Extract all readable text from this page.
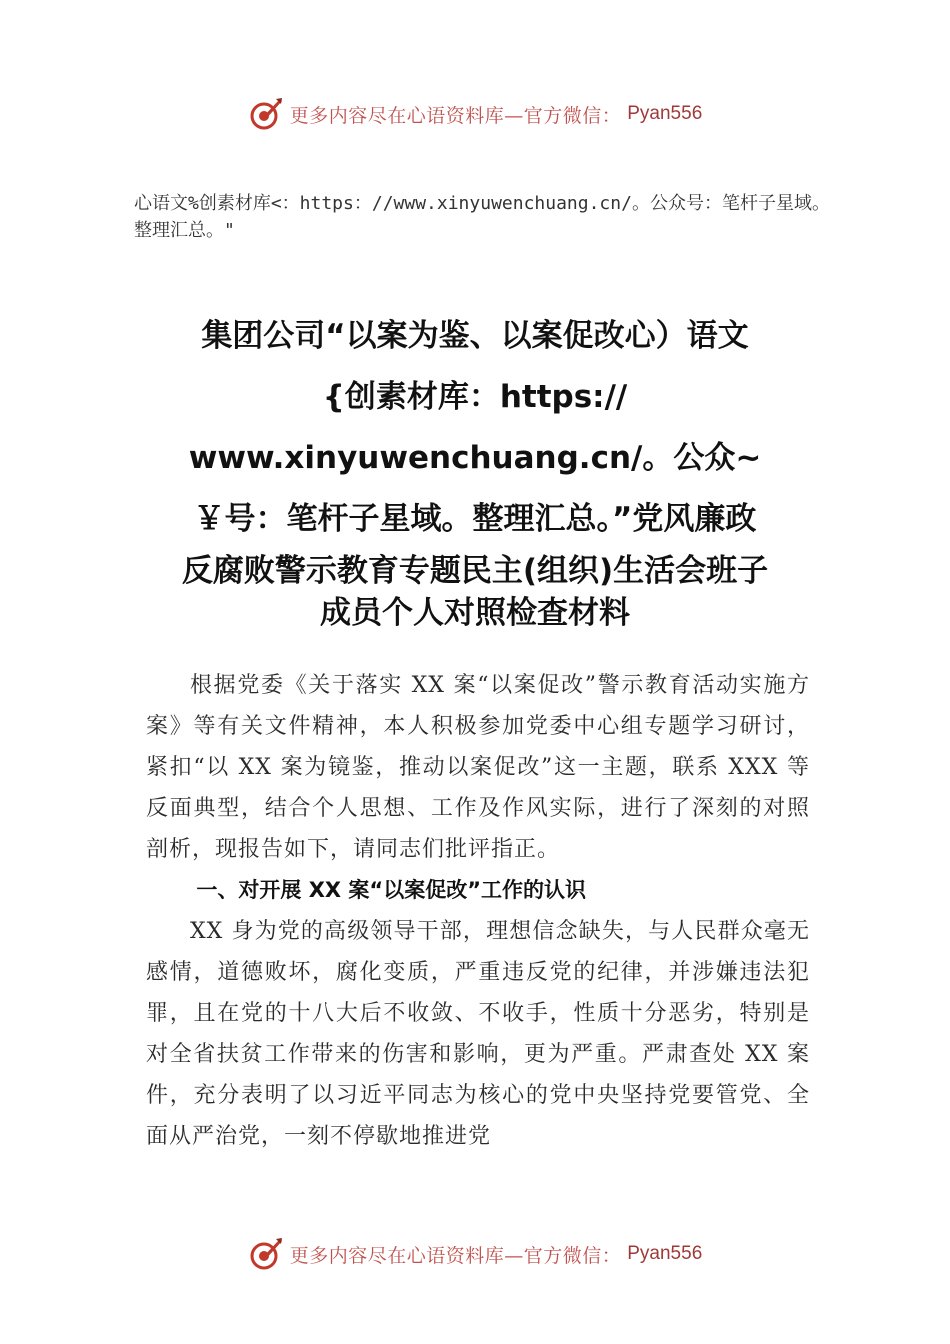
更多内容尽在心语资料库—官方微信： Pyan556

心语文%创素材库<：https：//www.xinyuwenchuang.cn/。公众号：笔杆子星域。整理汇总。"

集团公司“以案为鉴、以案促改心）语文
{创素材库：https://
www.xinyuwenchuang.cn/。公众~
￥号：笔杆子星域。整理汇总。”党风廉政
反腐败警示教育专题民主(组织)生活会班子
成员个人对照检查材料

根据党委《关于落实 XX 案“以案促改”警示教育活动实施方案》等有关文件精神，本人积极参加党委中心组专题学习研讨，紧扣“以 XX 案为镜鉴，推动以案促改”这一主题，联系 XXX 等反面典型，结合个人思想、工作及作风实际，进行了深刻的对照剖析，现报告如下，请同志们批评指正。

一、对开展 XX 案“以案促改”工作的认识

XX 身为党的高级领导干部，理想信念缺失，与人民群众毫无感情，道德败坏，腐化变质，严重违反党的纪律，并涉嫌违法犯罪，且在党的十八大后不收敛、不收手，性质十分恶劣，特别是对全省扶贫工作带来的伤害和影响，更为严重。严肃查处 XX 案件，充分表明了以习近平同志为核心的党中央坚持党要管党、全面从严治党，一刻不停歇地推进党

更多内容尽在心语资料库—官方微信： Pyan556
